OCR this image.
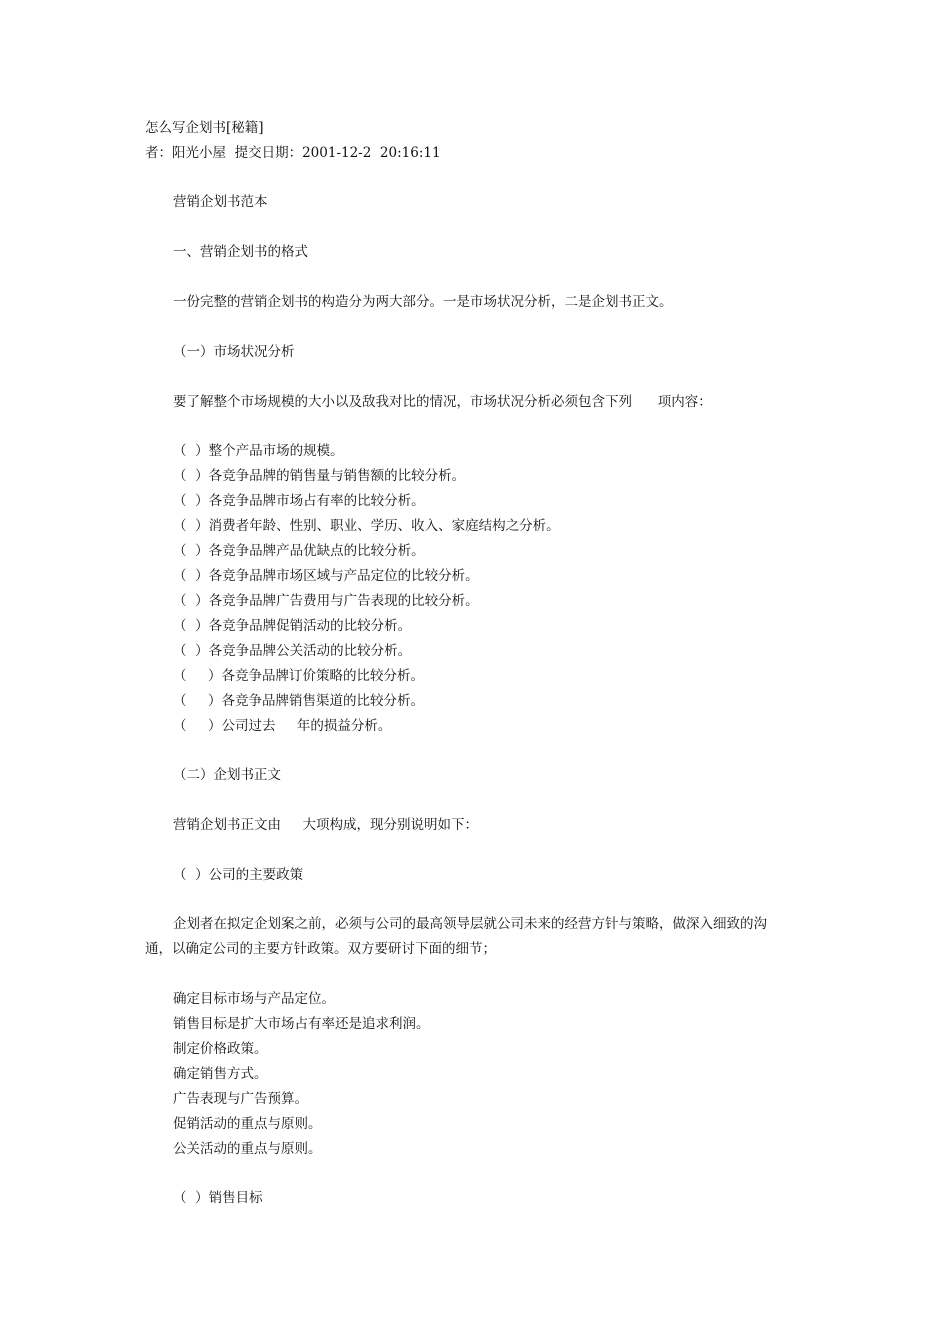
怎么写企划书[秘籍]
者：阳光小屋  提交日期：2001-12-2  20:16:11
营销企划书范本
一、营销企划书的格式
一份完整的营销企划书的构造分为两大部分。一是市场状况分析，二是企划书正文。
（一）市场状况分析
要了解整个市场规模的大小以及敌我对比的情况，市场状况分析必须包含下列      项内容：
（  ）整个产品市场的规模。
（  ）各竞争品牌的销售量与销售额的比较分析。
（  ）各竞争品牌市场占有率的比较分析。
（  ）消费者年龄、性别、职业、学历、收入、家庭结构之分析。
（  ）各竞争品牌产品优缺点的比较分析。
（  ）各竞争品牌市场区域与产品定位的比较分析。
（  ）各竞争品牌广告费用与广告表现的比较分析。
（  ）各竞争品牌促销活动的比较分析。
（  ）各竞争品牌公关活动的比较分析。
（     ）各竞争品牌订价策略的比较分析。
（     ）各竞争品牌销售渠道的比较分析。
（     ）公司过去     年的损益分析。
（二）企划书正文
营销企划书正文由     大项构成，现分别说明如下：
（  ）公司的主要政策
企划者在拟定企划案之前，必须与公司的最高领导层就公司未来的经营方针与策略，做深入细致的沟
通，以确定公司的主要方针政策。双方要研讨下面的细节；
确定目标市场与产品定位。
销售目标是扩大市场占有率还是追求利润。
制定价格政策。
确定销售方式。
广告表现与广告预算。
促销活动的重点与原则。
公关活动的重点与原则。
（  ）销售目标
